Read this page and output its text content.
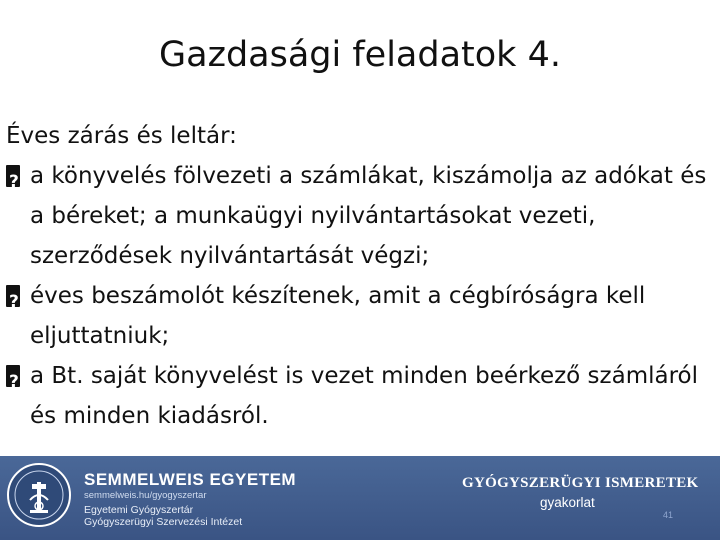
Gazdasági feladatok 4.

Éves zárás és leltár:

?
a könyvelés fölvezeti a számlákat, kiszámolja az adókat és a béreket; a munkaügyi nyilvántartásokat vezeti, szerződések nyilvántartását végzi;

?
éves beszámolót készítenek, amit a cégbíróságra kell eljuttatniuk;

?
a Bt. saját könyvelést is vezet minden beérkező számláról és minden kiadásról.

SEMMELWEIS EGYETEM
semmelweis.hu/gyogyszertar
Egyetemi Gyógyszertár
Gyógyszerügyi Szervezési Intézet
GYÓGYSZERÜGYI ISMERETEK
gyakorlat
41
